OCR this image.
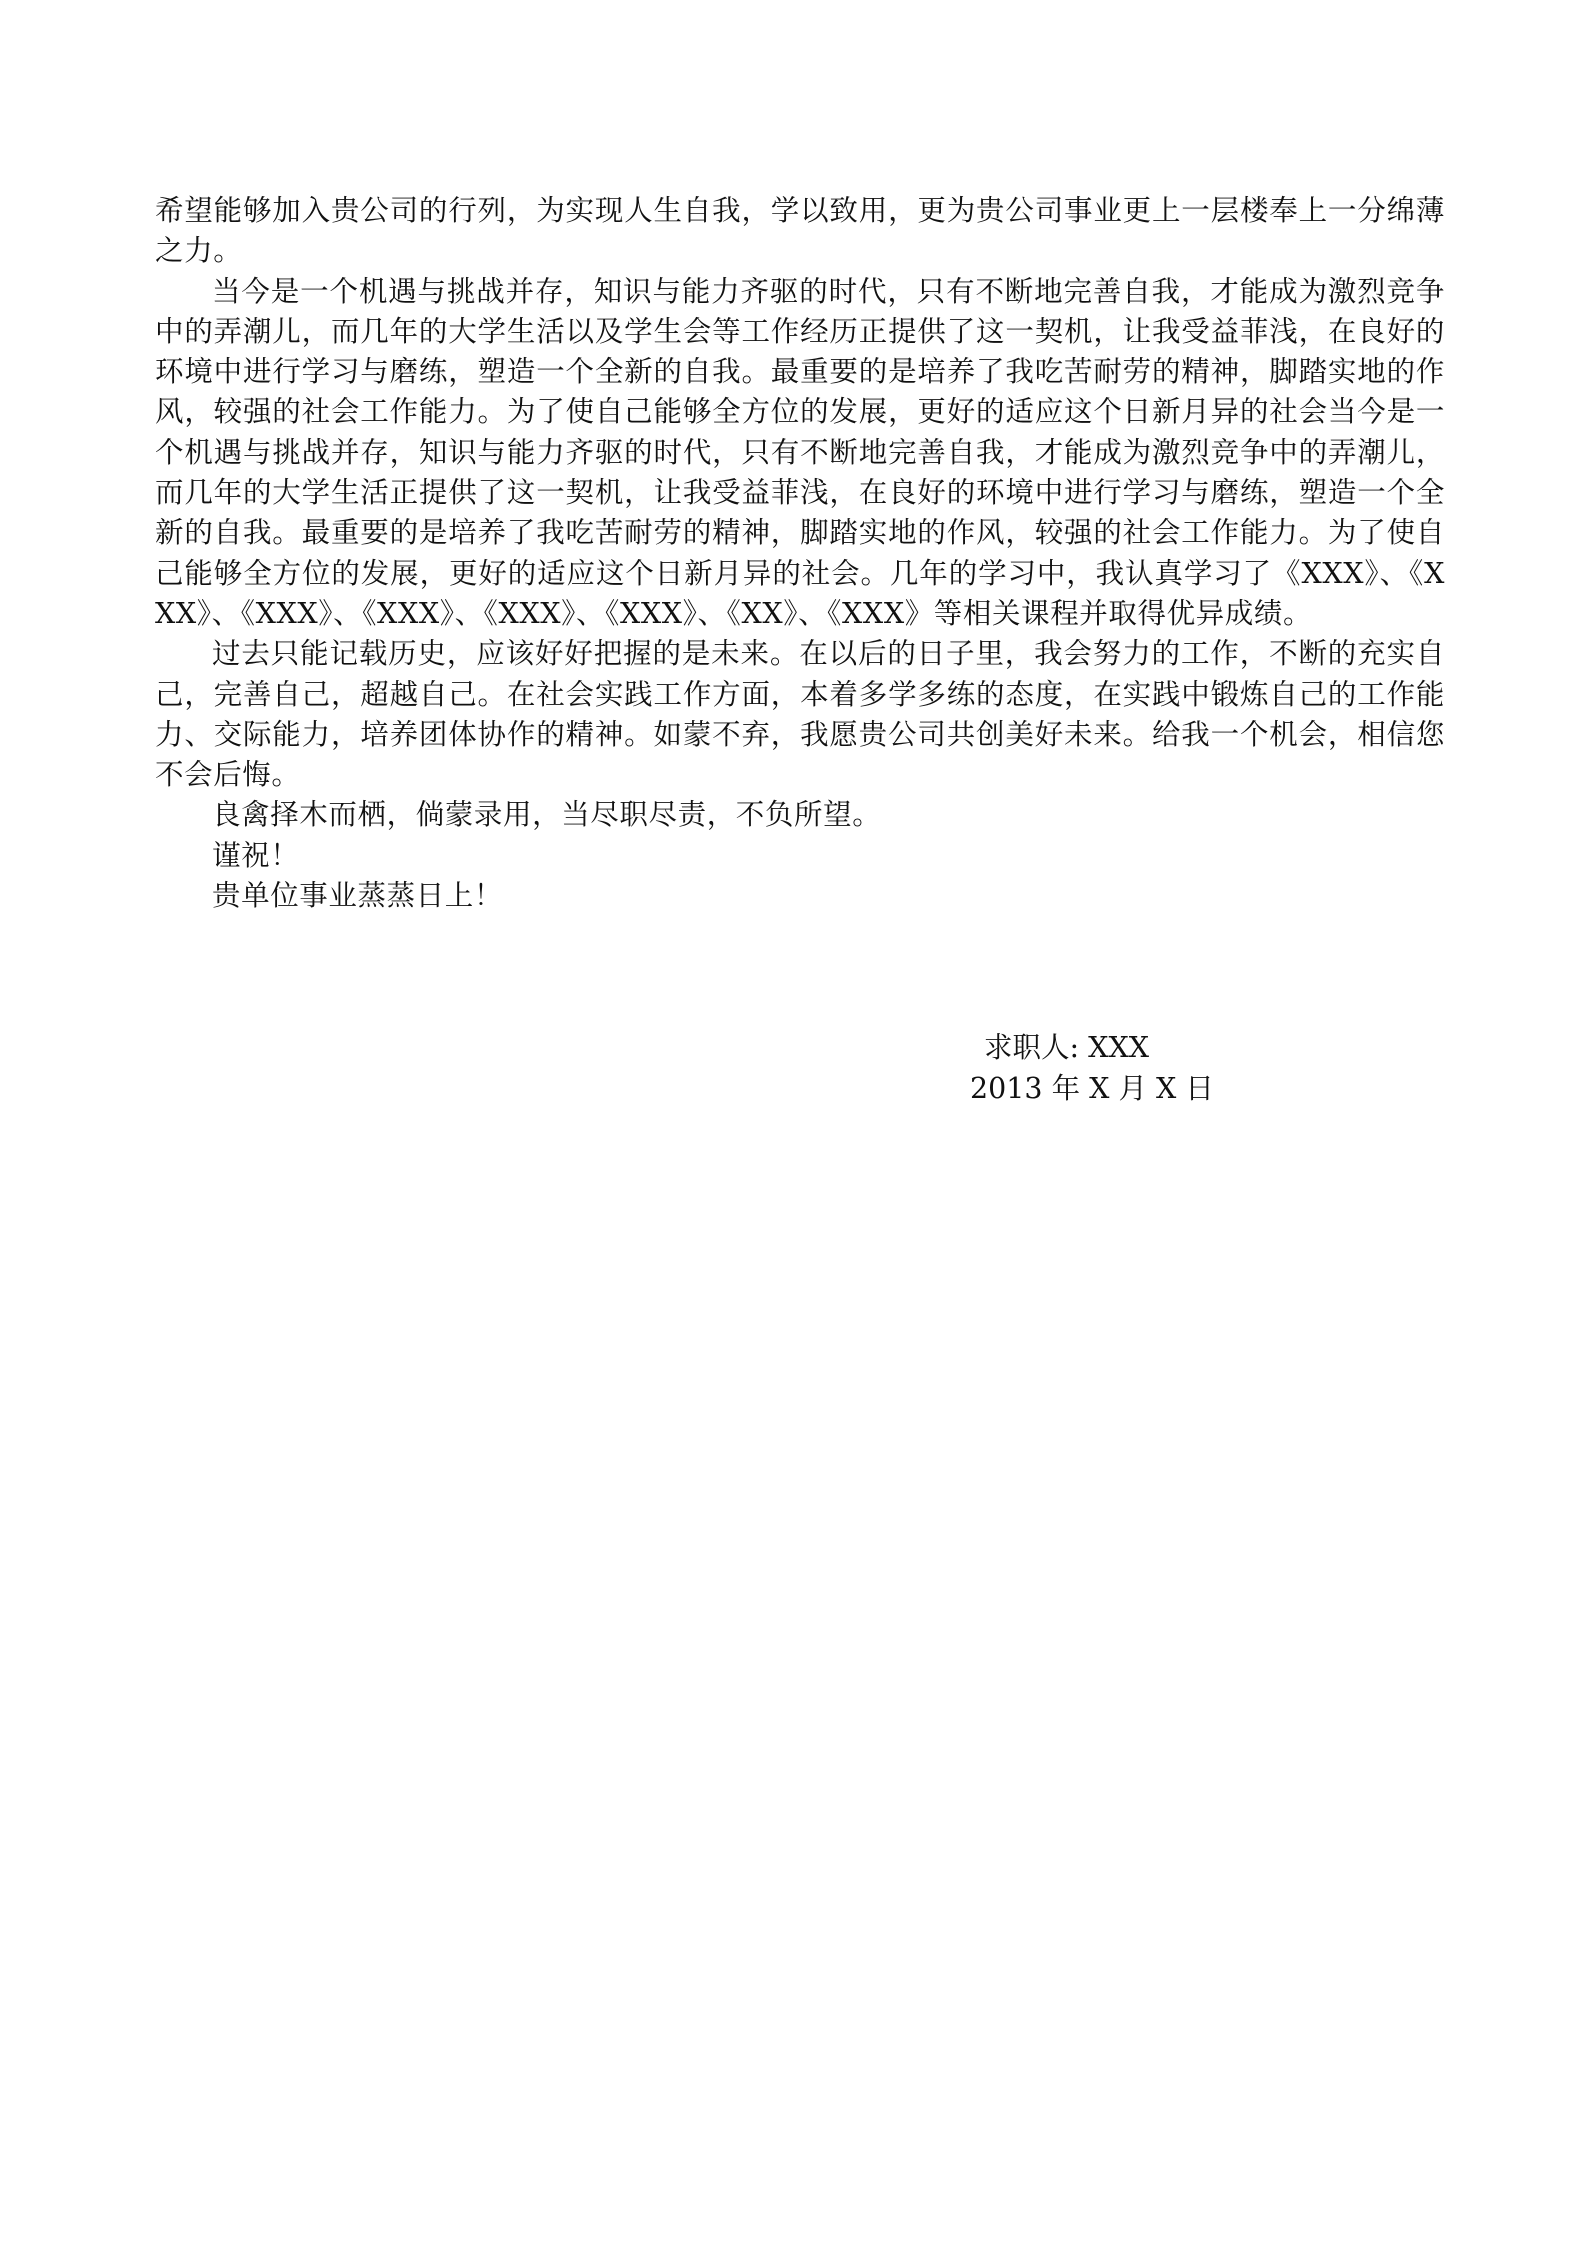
希望能够加入贵公司的行列，为实现人生自我，学以致用，更为贵公司事业更上一层楼奉上一分绵薄之力。

当今是一个机遇与挑战并存，知识与能力齐驱的时代，只有不断地完善自我，才能成为激烈竞争中的弄潮儿，而几年的大学生活以及学生会等工作经历正提供了这一契机，让我受益菲浅，在良好的环境中进行学习与磨练，塑造一个全新的自我。最重要的是培养了我吃苦耐劳的精神，脚踏实地的作风，较强的社会工作能力。为了使自己能够全方位的发展，更好的适应这个日新月异的社会当今是一个机遇与挑战并存，知识与能力齐驱的时代，只有不断地完善自我，才能成为激烈竞争中的弄潮儿，而几年的大学生活正提供了这一契机，让我受益菲浅，在良好的环境中进行学习与磨练，塑造一个全新的自我。最重要的是培养了我吃苦耐劳的精神，脚踏实地的作风，较强的社会工作能力。为了使自己能够全方位的发展，更好的适应这个日新月异的社会。几年的学习中，我认真学习了《XXX》、《XXX》、《XXX》、《XXX》、《XXX》、《XXX》、《XX》、《XXX》等相关课程并取得优异成绩。

过去只能记载历史，应该好好把握的是未来。在以后的日子里，我会努力的工作，不断的充实自己，完善自己，超越自己。在社会实践工作方面，本着多学多练的态度，在实践中锻炼自己的工作能力、交际能力，培养团体协作的精神。如蒙不弃，我愿贵公司共创美好未来。给我一个机会，相信您不会后悔。

良禽择木而栖，倘蒙录用，当尽职尽责，不负所望。

谨祝！

贵单位事业蒸蒸日上！

求职人: XXX
2013 年 X 月 X 日
